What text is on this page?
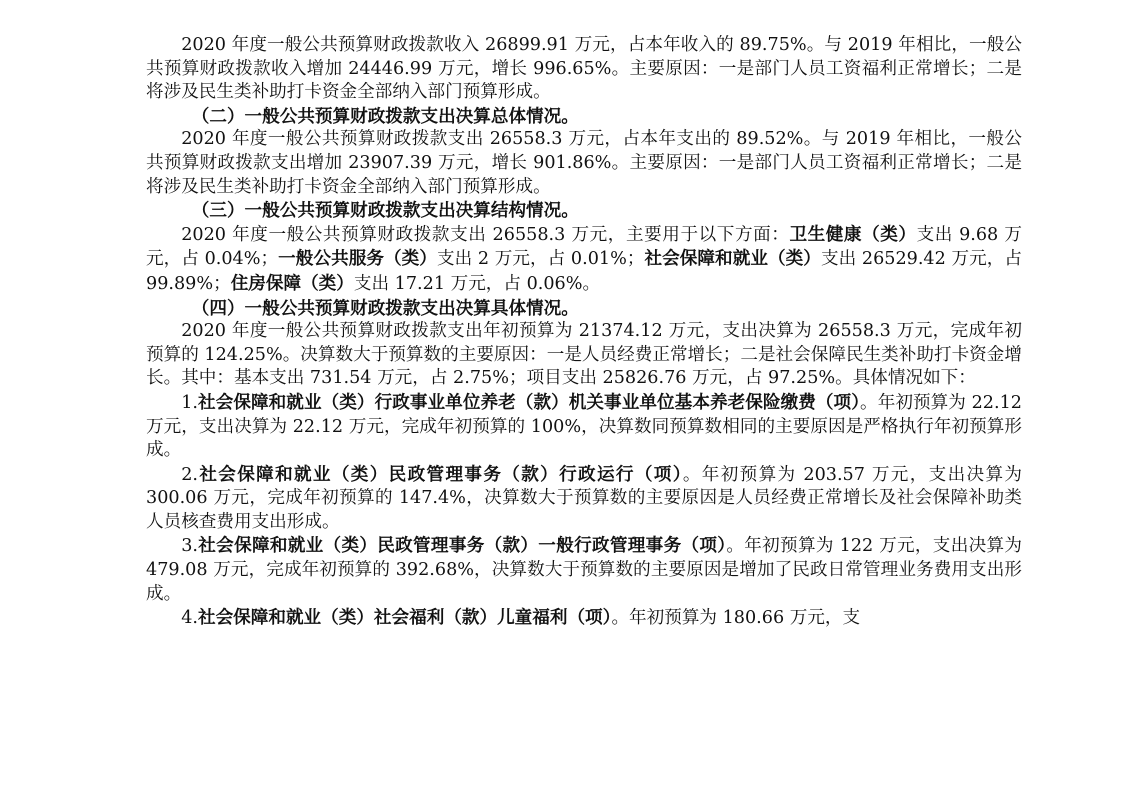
2020 年度一般公共预算财政拨款收入 26899.91 万元，占本年收入的 89.75%。与 2019 年相比，一般公共预算财政拨款收入增加 24446.99 万元，增长 996.65%。主要原因：一是部门人员工资福利正常增长；二是将涉及民生类补助打卡资金全部纳入部门预算形成。

（二）一般公共预算财政拨款支出决算总体情况。

2020 年度一般公共预算财政拨款支出 26558.3 万元，占本年支出的 89.52%。与 2019 年相比，一般公共预算财政拨款支出增加 23907.39 万元，增长 901.86%。主要原因：一是部门人员工资福利正常增长；二是将涉及民生类补助打卡资金全部纳入部门预算形成。

（三）一般公共预算财政拨款支出决算结构情况。

2020 年度一般公共预算财政拨款支出 26558.3 万元，主要用于以下方面：卫生健康（类）支出 9.68 万元，占 0.04%；一般公共服务（类）支出 2 万元，占 0.01%；社会保障和就业（类）支出 26529.42 万元，占 99.89%；住房保障（类）支出 17.21 万元，占 0.06%。

（四）一般公共预算财政拨款支出决算具体情况。

2020 年度一般公共预算财政拨款支出年初预算为 21374.12 万元，支出决算为 26558.3 万元，完成年初预算的 124.25%。决算数大于预算数的主要原因：一是人员经费正常增长；二是社会保障民生类补助打卡资金增长。其中：基本支出 731.54 万元，占 2.75%；项目支出 25826.76 万元，占 97.25%。具体情况如下：

1.社会保障和就业（类）行政事业单位养老（款）机关事业单位基本养老保险缴费（项）。年初预算为 22.12 万元，支出决算为 22.12 万元，完成年初预算的 100%，决算数同预算数相同的主要原因是严格执行年初预算形成。

2.社会保障和就业（类）民政管理事务（款）行政运行（项）。年初预算为 203.57 万元，支出决算为 300.06 万元，完成年初预算的 147.4%，决算数大于预算数的主要原因是人员经费正常增长及社会保障补助类人员核查费用支出形成。

3.社会保障和就业（类）民政管理事务（款）一般行政管理事务（项）。年初预算为 122 万元，支出决算为 479.08 万元，完成年初预算的 392.68%，决算数大于预算数的主要原因是增加了民政日常管理业务费用支出形成。

4.社会保障和就业（类）社会福利（款）儿童福利（项）。年初预算为 180.66 万元，支
